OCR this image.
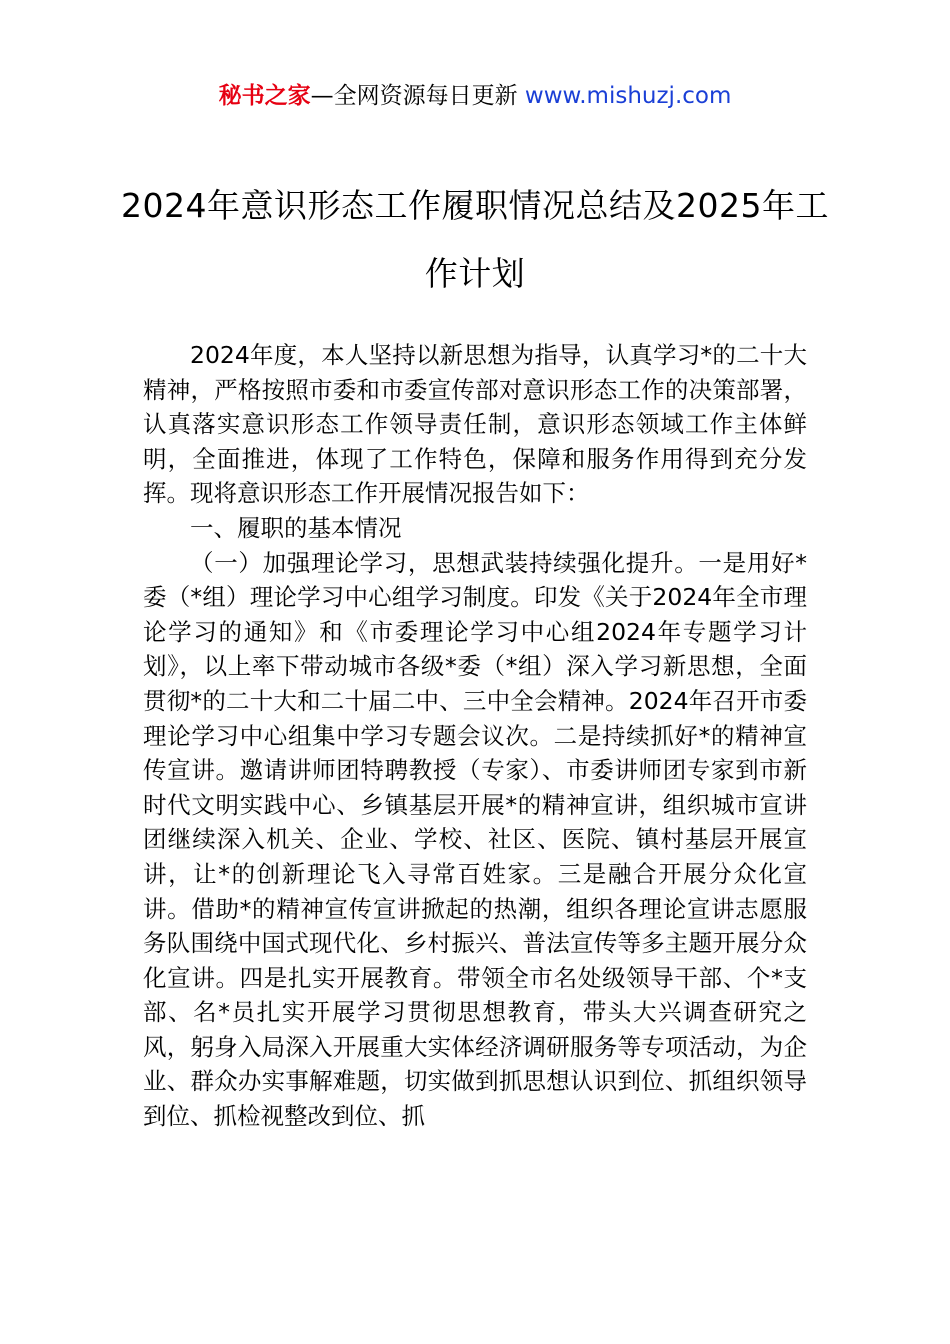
秘书之家—全网资源每日更新 www.mishuzj.com
2024年意识形态工作履职情况总结及2025年工作计划

2024年度，本人坚持以新思想为指导，认真学习*的二十大精神，严格按照市委和市委宣传部对意识形态工作的决策部署，认真落实意识形态工作领导责任制，意识形态领域工作主体鲜明，全面推进，体现了工作特色，保障和服务作用得到充分发挥。现将意识形态工作开展情况报告如下：

一、履职的基本情况

（一）加强理论学习，思想武装持续强化提升。一是用好*委（*组）理论学习中心组学习制度。印发《关于2024年全市理论学习的通知》和《市委理论学习中心组2024年专题学习计划》，以上率下带动城市各级*委（*组）深入学习新思想，全面贯彻*的二十大和二十届二中、三中全会精神。2024年召开市委理论学习中心组集中学习专题会议次。二是持续抓好*的精神宣传宣讲。邀请讲师团特聘教授（专家）、市委讲师团专家到市新时代文明实践中心、乡镇基层开展*的精神宣讲，组织城市宣讲团继续深入机关、企业、学校、社区、医院、镇村基层开展宣讲，让*的创新理论飞入寻常百姓家。三是融合开展分众化宣讲。借助*的精神宣传宣讲掀起的热潮，组织各理论宣讲志愿服务队围绕中国式现代化、乡村振兴、普法宣传等多主题开展分众化宣讲。四是扎实开展教育。带领全市名处级领导干部、个*支部、名*员扎实开展学习贯彻思想教育，带头大兴调查研究之风，躬身入局深入开展重大实体经济调研服务等专项活动，为企业、群众办实事解难题，切实做到抓思想认识到位、抓组织领导到位、抓检视整改到位、抓
